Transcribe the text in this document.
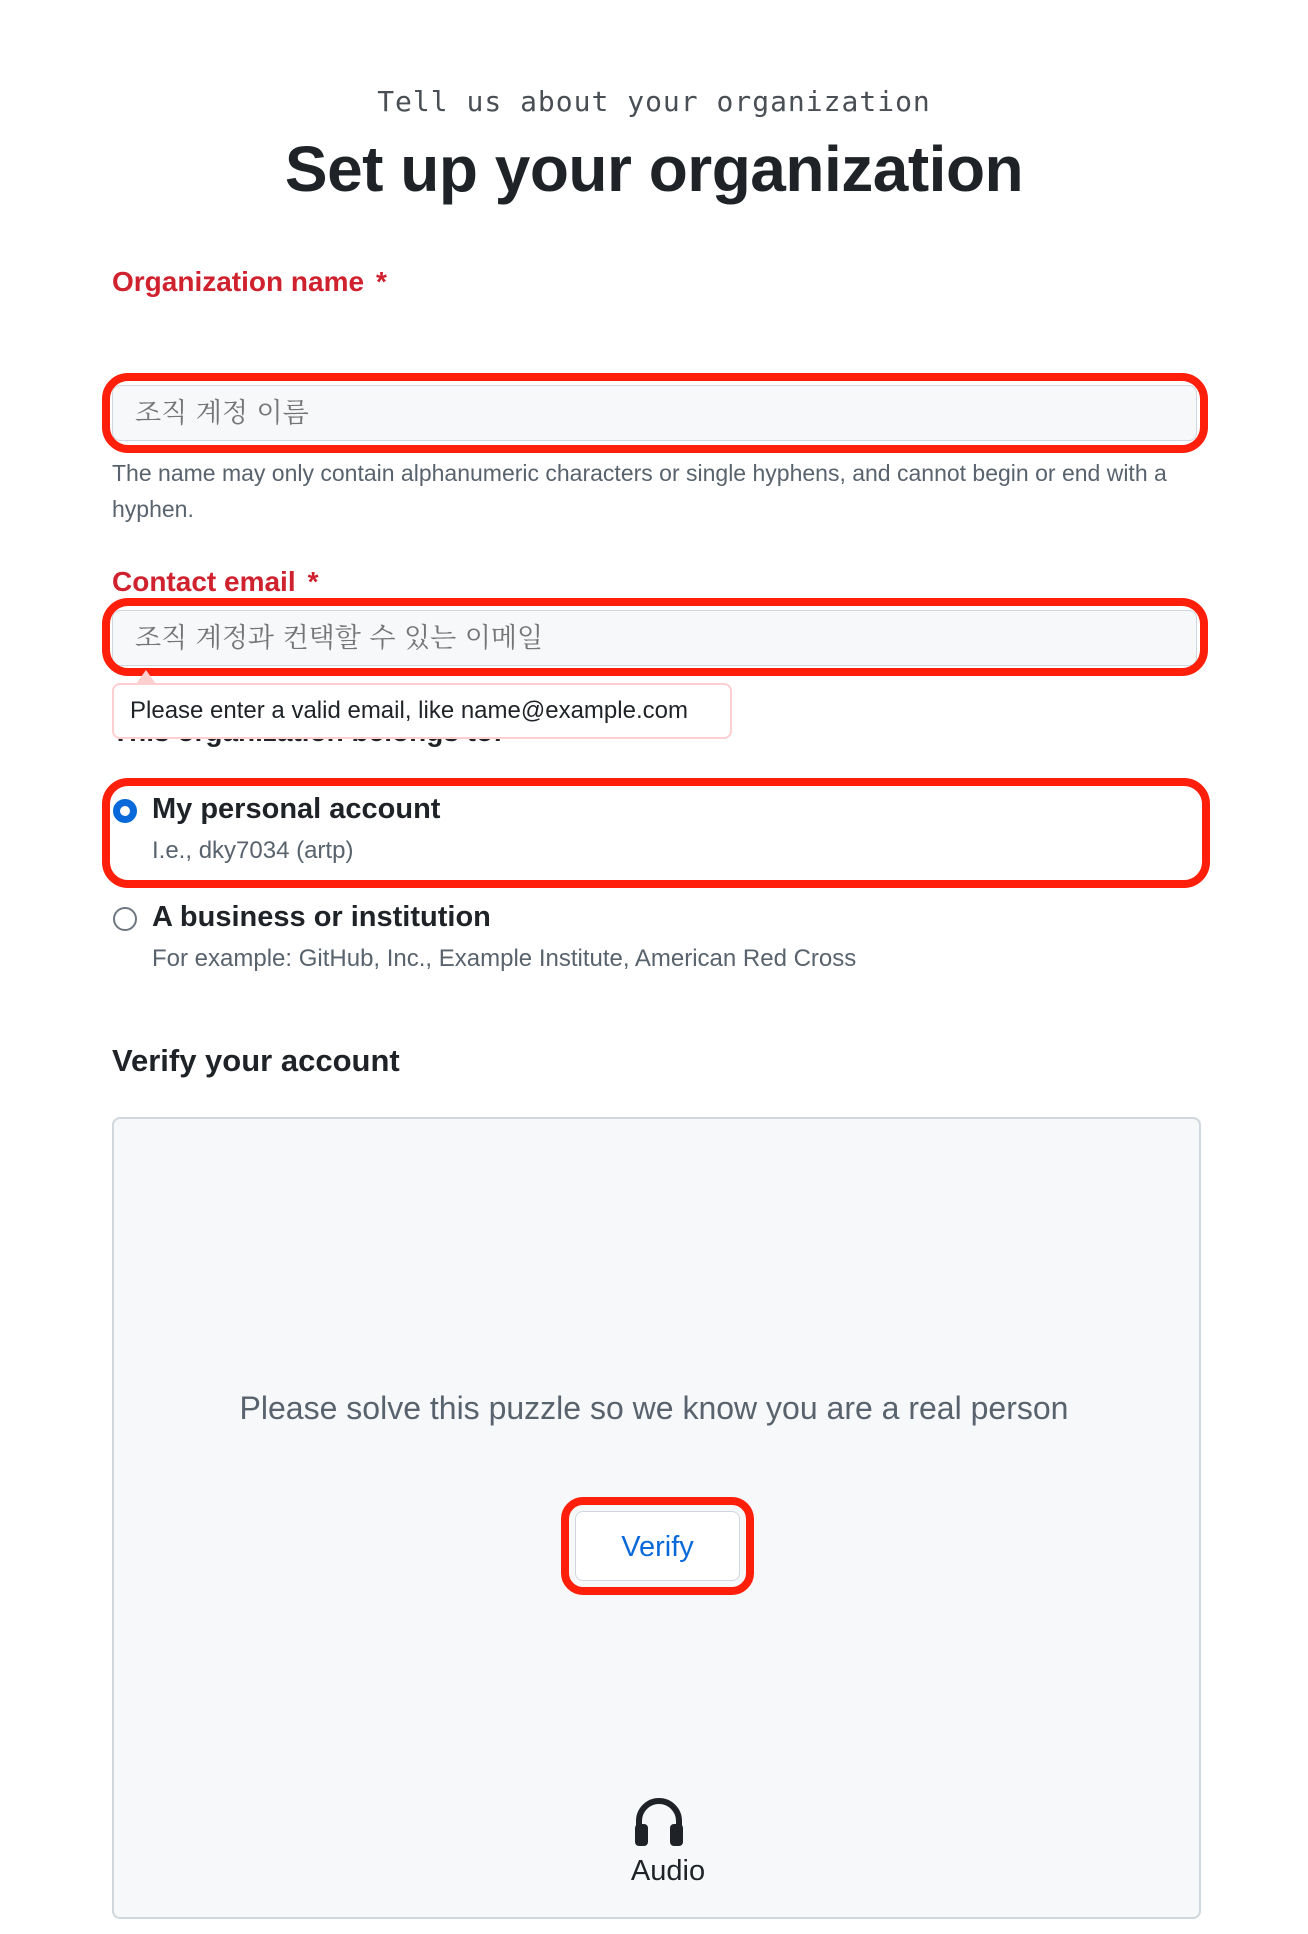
Tell us about your organization
Set up your organization
Organization name *
조직 계정 이름
The name may only contain alphanumeric characters or single hyphens, and cannot begin or end with a hyphen.
Contact email *
조직 계정과 컨택할 수 있는 이메일
Please enter a valid email, like name@example.com
My personal account
I.e., dky7034 (artp)
A business or institution
For example: GitHub, Inc., Example Institute, American Red Cross
Verify your account
Please solve this puzzle so we know you are a real person
Verify
Audio
